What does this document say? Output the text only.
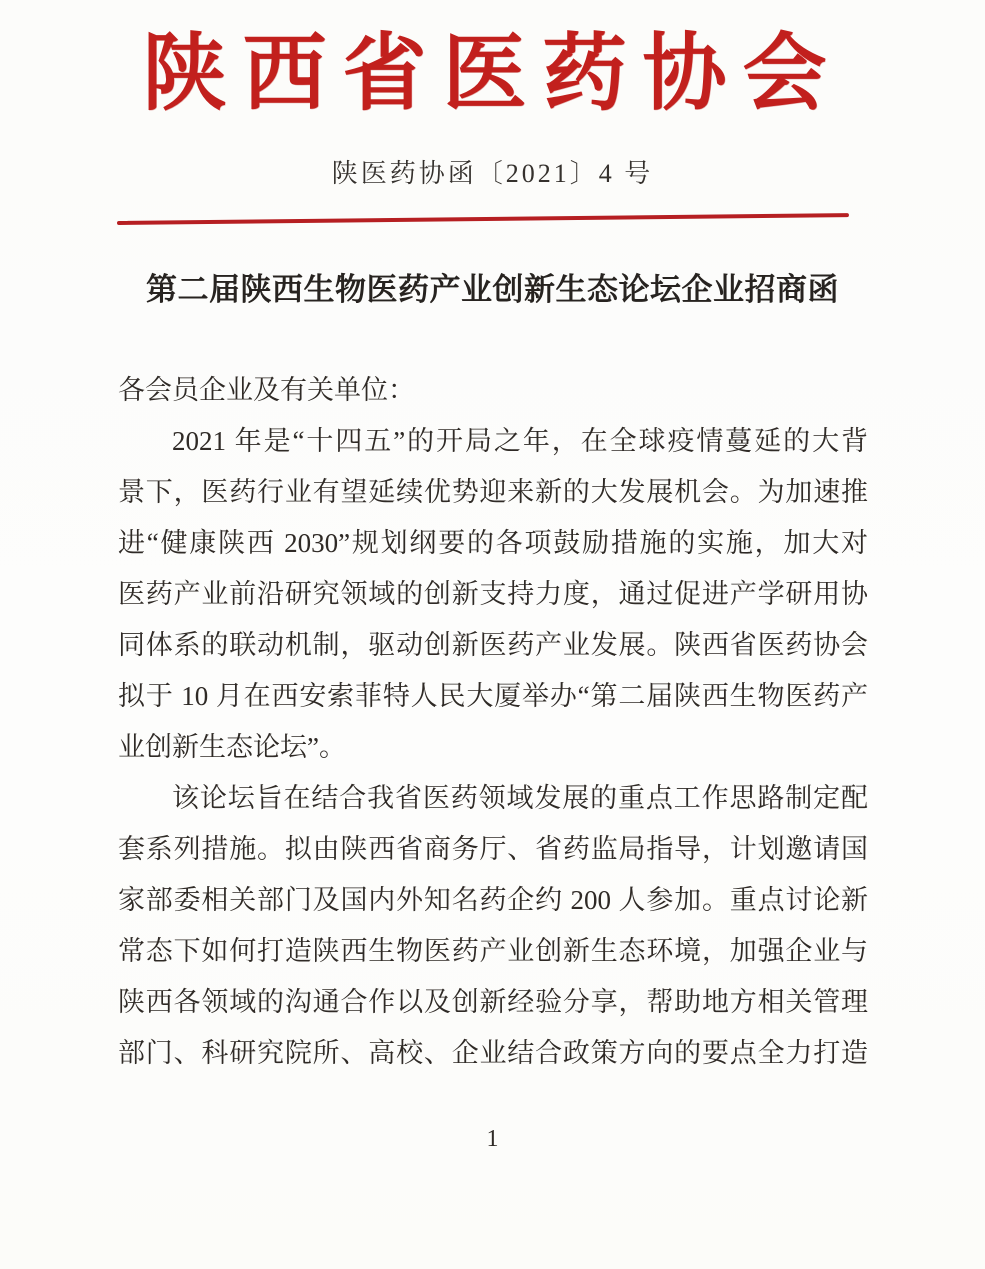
陕西省医药协会
陕医药协函〔2021〕4 号
第二届陕西生物医药产业创新生态论坛企业招商函
各会员企业及有关单位：
2021 年是“十四五”的开局之年，在全球疫情蔓延的大背
景下，医药行业有望延续优势迎来新的大发展机会。为加速推
进“健康陕西 2030”规划纲要的各项鼓励措施的实施，加大对
医药产业前沿研究领域的创新支持力度，通过促进产学研用协
同体系的联动机制，驱动创新医药产业发展。陕西省医药协会
拟于 10 月在西安索菲特人民大厦举办“第二届陕西生物医药产
业创新生态论坛”。
该论坛旨在结合我省医药领域发展的重点工作思路制定配
套系列措施。拟由陕西省商务厅、省药监局指导，计划邀请国
家部委相关部门及国内外知名药企约 200 人参加。重点讨论新
常态下如何打造陕西生物医药产业创新生态环境，加强企业与
陕西各领域的沟通合作以及创新经验分享，帮助地方相关管理
部门、科研究院所、高校、企业结合政策方向的要点全力打造
1
